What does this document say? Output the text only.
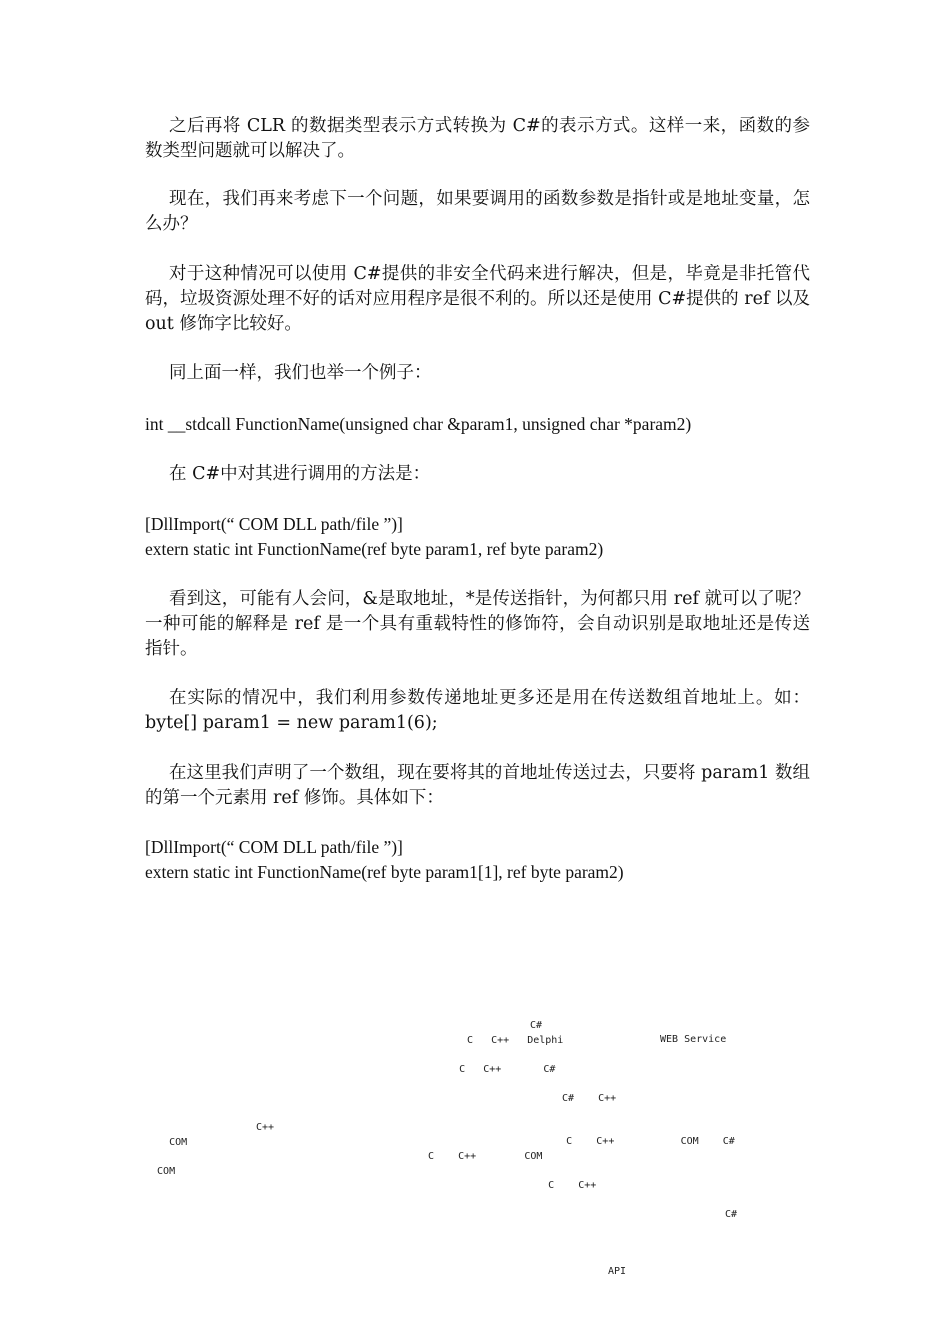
之后再将 CLR 的数据类型表示方式转换为 C#的表示方式。这样一来，函数的参数类型问题就可以解决了。

现在，我们再来考虑下一个问题，如果要调用的函数参数是指针或是地址变量，怎么办？

对于这种情况可以使用 C#提供的非安全代码来进行解决，但是，毕竟是非托管代码，垃圾资源处理不好的话对应用程序是很不利的。所以还是使用 C#提供的 ref 以及 out 修饰字比较好。

同上面一样，我们也举一个例子：

int __stdcall FunctionName(unsigned char &param1, unsigned char *param2)

在 C#中对其进行调用的方法是：

[DllImport(“ COM DLL path/file ”)]

extern static int FunctionName(ref byte param1, ref byte param2)

看到这，可能有人会问，&是取地址，*是传送指针，为何都只用 ref 就可以了呢？一种可能的解释是 ref 是一个具有重载特性的修饰符，会自动识别是取地址还是传送指针。

在实际的情况中，我们利用参数传递地址更多还是用在传送数组首地址上。如：byte[] param1 = new param1(6);

在这里我们声明了一个数组，现在要将其的首地址传送过去，只要将 param1 数组的第一个元素用 ref 修饰。具体如下：

[DllImport(“ COM DLL path/file ”)]

extern static int FunctionName(ref byte param1[1], ref byte param2)

C#

WEB Service

C   C++   Delphi

C   C++       C#

C#    C++

C++

C    C++           COM    C#

COM

C    C++        COM

COM

C    C++

C#

API
